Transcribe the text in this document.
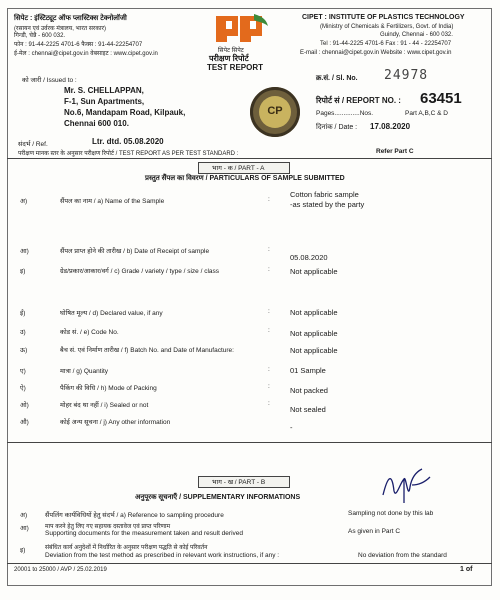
सिपेट : इंस्टिट्यूट ऑफ प्लास्टिक्स टेक्नोलॉजी
(रसायन एवं उर्वरक मंत्रालय, भारत सरकार)
गिन्डी, चेन्नै - 600 032.
फोन : 91-44-2225 4701-6 फैक्स : 91-44-22254707
ई-मेल : chennai@cipet.gov.in वेबसाइट : www.cipet.gov.in	सिपेट सिपेट
परीक्षण रिपोर्ट
TEST REPORT
CIPET : INSTITUTE OF PLASTICS TECHNOLOGY
(Ministry of Chemicals & Fertilizers, Govt. of India)
Guindy, Chennai - 600 032.
Tel : 91-44-2225 4701-6 Fax : 91 - 44 - 22254707
E-mail : chennai@cipet.gov.in Website : www.cipet.gov.in
को जारी / Issued to :
Mr. S. CHELLAPPAN,
F-1, Sun Apartments,
No.6, Mandapam Road, Kilpauk,
Chennai 600 010.
CP
क्र.सं. / Sl. No. 24978
रिपोर्ट सं / REPORT NO. : 63451
Pages..............Nos.	Part A,B,C & D
दिनांक / Date : 17.08.2020
संदर्भ / Ref.	Ltr. dtd. 05.08.2020
परीक्षण मानक स्तर के अनुसार परीक्षण रिपोर्ट / TEST REPORT AS PER TEST STANDARD :	Refer Part C
भाग - क / PART - A
प्रस्तुत सैंपल का विवरण / PARTICULARS OF SAMPLE SUBMITTED
अ)	सैंपल का नाम / a) Name of the Sample	:
Cotton fabric sample
-as stated by the party
आ)	सैंपल प्राप्त होने की तारीख / b) Date of Receipt of sample	:
05.08.2020
इ)	ग्रेड/प्रकार/आकार/वर्ग / c) Grade / variety / type / size / class	:	Not applicable
ई)	घोषित मूल्य / d) Declared value, if any	:	Not applicable
उ)	कोड सं. / e) Code No.	:	Not applicable
ऊ)	बैच सं. एवं निर्माण तारीख / f) Batch No. and Date of Manufacture:	Not applicable
ए)	मात्रा / g) Quantity	:	01 Sample
ऐ)	पैकिंग की विधि / h) Mode of Packing	:	Not packed
ओ)	मोहर बंद था नहीं / i) Sealed or not	:
Not sealed
औ)	कोई अन्य सूचना / j) Any other information
-
भाग - ख / PART - B
अनुपूरक सूचनाएँ / SUPPLEMENTARY INFORMATIONS
अ)	सैंपलिंग कार्यविधियों हेतु संदर्भ / a) Reference to sampling procedure	Sampling not done by this lab
आ)	माप करने हेतु लिए गए सहायक दस्तावेज एवं प्राप्त परिणाम
Supporting documents for the measurement taken and result derived	As given in Part C
इ)	संबंधित कार्य अनुदेशों में निर्धारित के अनुसार परीक्षण पद्धति से कोई परिवर्तन
Deviation from the test method as prescribed in relevant work instructions, if any :	No deviation from the standard
20001 to 25000 / AVP / 25.02.2019	1 of
